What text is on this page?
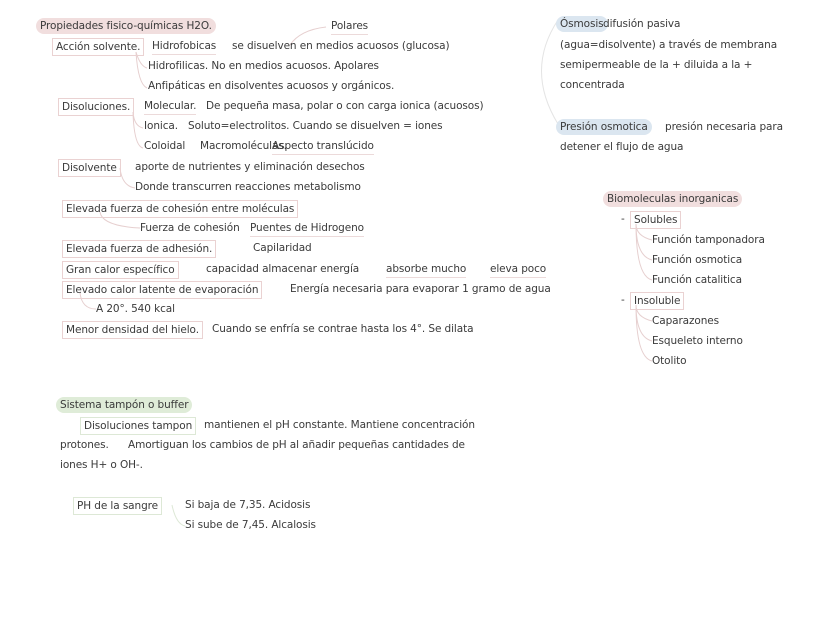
Propiedades fisico-químicas H2O.	Polares
Acción solvente.	Hidrofobicas se disuelven en medios acuosos (glucosa)
Hidrofilicas. No en medios acuosos. Apolares
Anfipáticas en disolventes acuosos y orgánicos.
Disoluciones.	Molecular. De pequeña masa, polar o con carga ionica (acuosos)
Ionica. Soluto=electrolitos. Cuando se disuelven = iones
Coloidal Macromoléculas.
Aspecto translúcido
Disolvente	aporte de nutrientes y eliminación desechos
Donde transcurren reacciones metabolismo
Elevada fuerza de cohesión entre moléculas
Fuerza de cohesión Puentes de Hidrogeno
Elevada fuerza de adhesión.	Capilaridad
Gran calor específico	capacidad almacenar energía	absorbe mucho eleva poco
Elevado calor latente de evaporación	Energía necesaria para evaporar 1 gramo de agua
A 20°. 540 kcal
Menor densidad del hielo.	Cuando se enfría se contrae hasta los 4°. Se dilata
Ósmosis difusión pasiva
(agua=disolvente) a través de membrana
semipermeable de la + diluida a la +
concentrada
Presión osmotica	presión necesaria para
detener el flujo de agua
Biomoleculas inorganicas
- Solubles
Función tamponadora
Función osmotica
Función catalitica
- Insoluble
Caparazones
Esqueleto interno
Otolito
Sistema tampón o buffer
Disoluciones tampon	mantienen el pH constante. Mantiene concentración
protones. Amortiguan los cambios de pH al añadir pequeñas cantidades de
iones H+ o OH-.
PH de la sangre	Si baja de 7,35. Acidosis
Si sube de 7,45. Alcalosis
